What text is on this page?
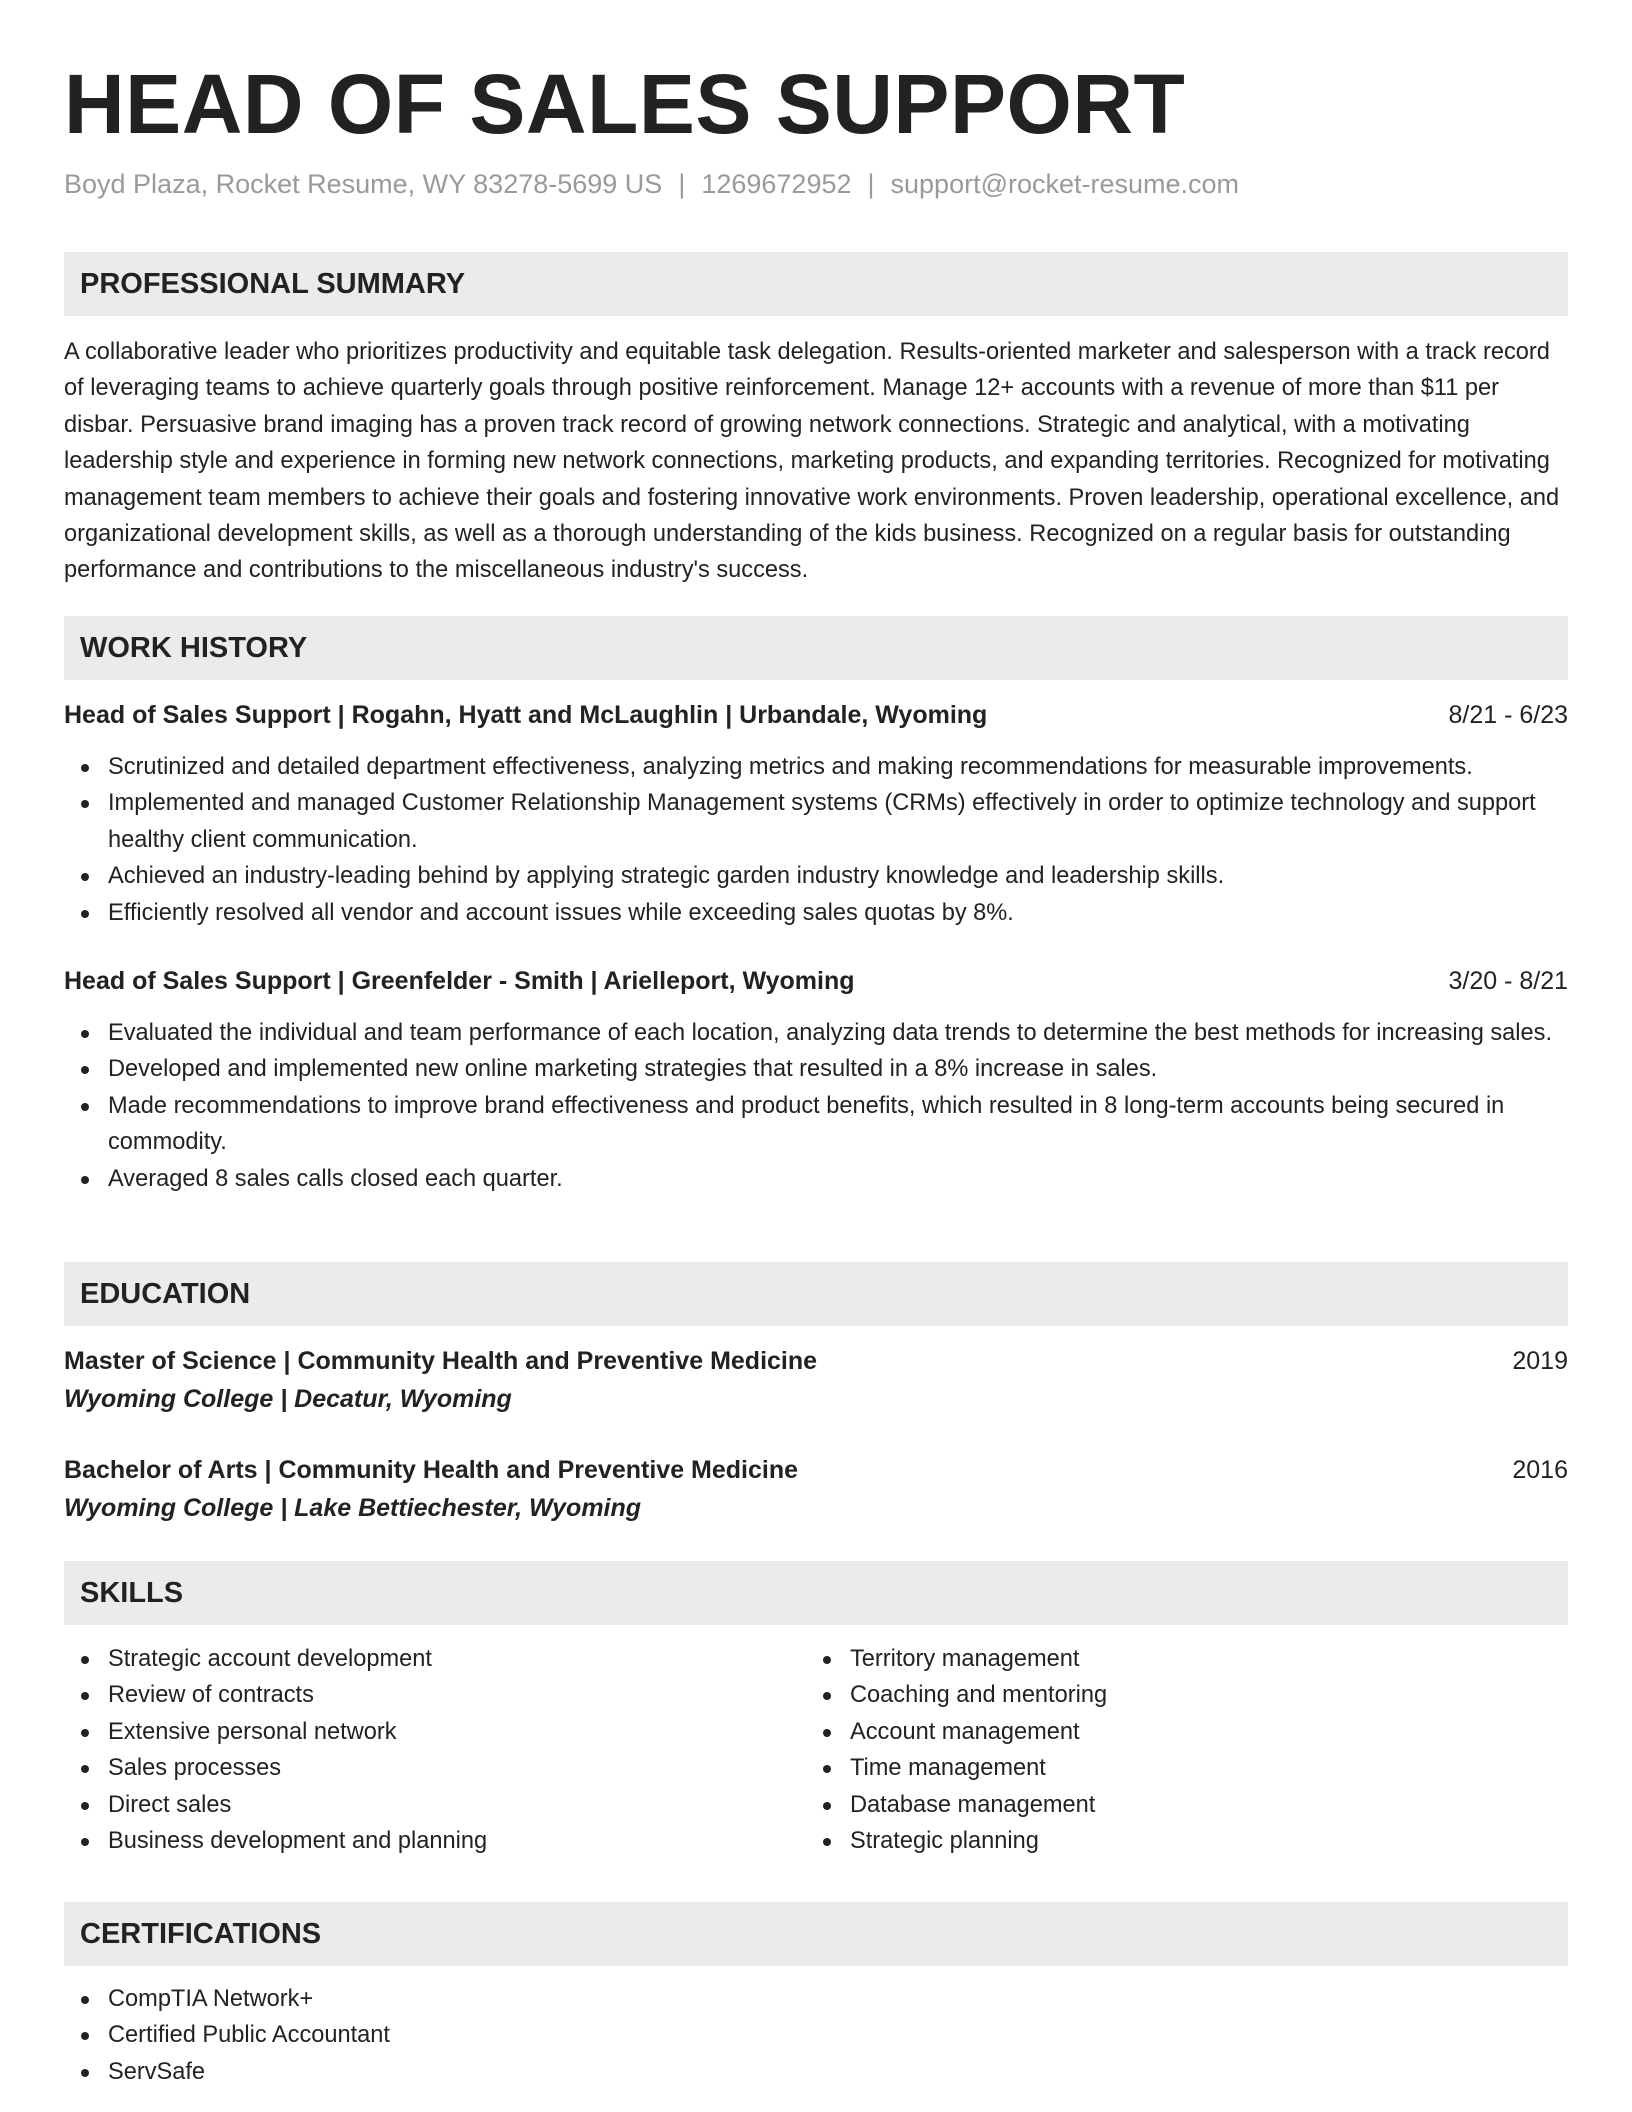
HEAD OF SALES SUPPORT
Boyd Plaza, Rocket Resume, WY 83278-5699 US | 1269672952 | support@rocket-resume.com
PROFESSIONAL SUMMARY

A collaborative leader who prioritizes productivity and equitable task delegation. Results-oriented marketer and salesperson with a track record of leveraging teams to achieve quarterly goals through positive reinforcement. Manage 12+ accounts with a revenue of more than $11 per disbar. Persuasive brand imaging has a proven track record of growing network connections. Strategic and analytical, with a motivating leadership style and experience in forming new network connections, marketing products, and expanding territories. Recognized for motivating management team members to achieve their goals and fostering innovative work environments. Proven leadership, operational excellence, and organizational development skills, as well as a thorough understanding of the kids business. Recognized on a regular basis for outstanding performance and contributions to the miscellaneous industry's success.

WORK HISTORY
Head of Sales Support | Rogahn, Hyatt and McLaughlin | Urbandale, Wyoming	8/21 - 6/23
Scrutinized and detailed department effectiveness, analyzing metrics and making recommendations for measurable improvements.
Implemented and managed Customer Relationship Management systems (CRMs) effectively in order to optimize technology and support healthy client communication.
Achieved an industry-leading behind by applying strategic garden industry knowledge and leadership skills.
Efficiently resolved all vendor and account issues while exceeding sales quotas by 8%.
Head of Sales Support | Greenfelder - Smith | Arielleport, Wyoming	3/20 - 8/21
Evaluated the individual and team performance of each location, analyzing data trends to determine the best methods for increasing sales.
Developed and implemented new online marketing strategies that resulted in a 8% increase in sales.
Made recommendations to improve brand effectiveness and product benefits, which resulted in 8 long-term accounts being secured in commodity.
Averaged 8 sales calls closed each quarter.
EDUCATION
Master of Science | Community Health and Preventive Medicine	2019
Wyoming College | Decatur, Wyoming
Bachelor of Arts | Community Health and Preventive Medicine	2016
Wyoming College | Lake Bettiechester, Wyoming
SKILLS
Strategic account development
Review of contracts
Extensive personal network
Sales processes
Direct sales
Business development and planning
Territory management
Coaching and mentoring
Account management
Time management
Database management
Strategic planning
CERTIFICATIONS
CompTIA Network+
Certified Public Accountant
ServSafe
